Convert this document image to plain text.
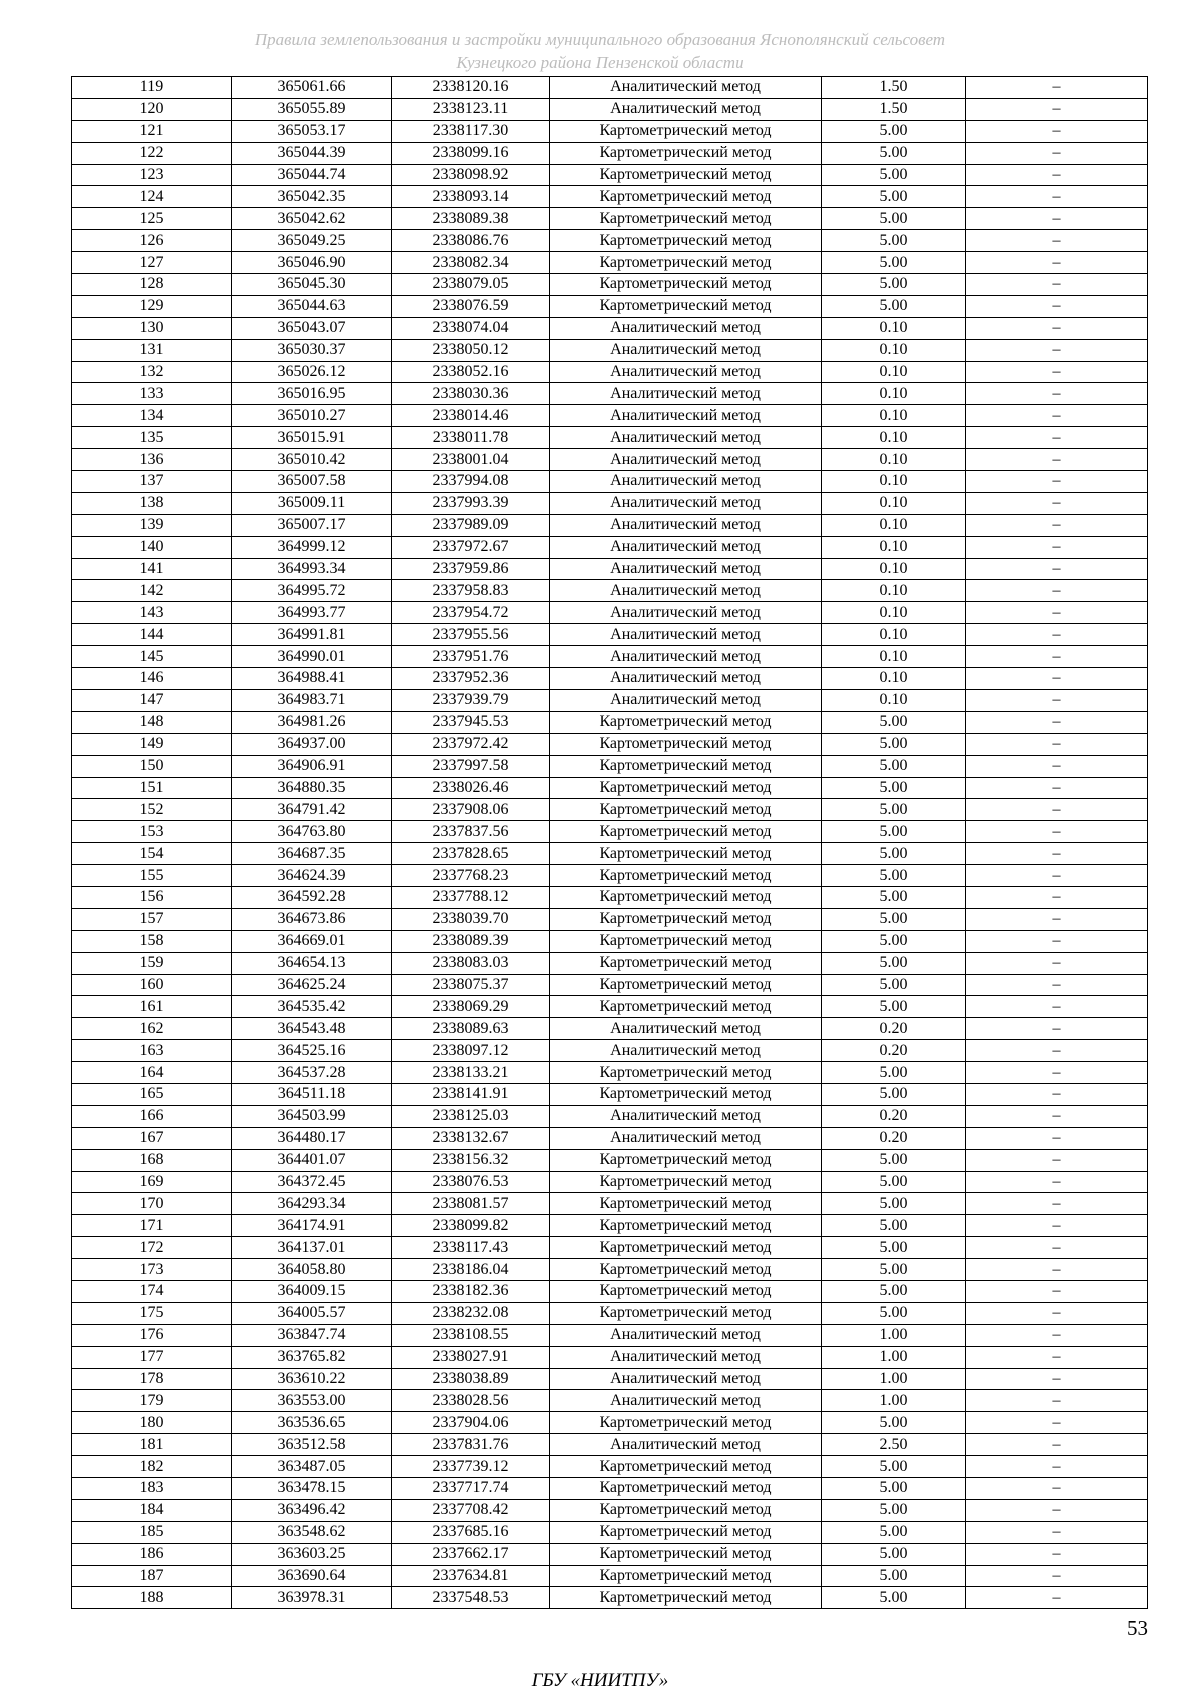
Правила землепользования и застройки муниципального образования Яснополянский сельсовет
Кузнецкого района Пензенской области
119	365061.66	2338120.16	Аналитический метод	1.50	–
120	365055.89	2338123.11	Аналитический метод	1.50	–
121	365053.17	2338117.30	Картометрический метод	5.00	–
122	365044.39	2338099.16	Картометрический метод	5.00	–
123	365044.74	2338098.92	Картометрический метод	5.00	–
124	365042.35	2338093.14	Картометрический метод	5.00	–
125	365042.62	2338089.38	Картометрический метод	5.00	–
126	365049.25	2338086.76	Картометрический метод	5.00	–
127	365046.90	2338082.34	Картометрический метод	5.00	–
128	365045.30	2338079.05	Картометрический метод	5.00	–
129	365044.63	2338076.59	Картометрический метод	5.00	–
130	365043.07	2338074.04	Аналитический метод	0.10	–
131	365030.37	2338050.12	Аналитический метод	0.10	–
132	365026.12	2338052.16	Аналитический метод	0.10	–
133	365016.95	2338030.36	Аналитический метод	0.10	–
134	365010.27	2338014.46	Аналитический метод	0.10	–
135	365015.91	2338011.78	Аналитический метод	0.10	–
136	365010.42	2338001.04	Аналитический метод	0.10	–
137	365007.58	2337994.08	Аналитический метод	0.10	–
138	365009.11	2337993.39	Аналитический метод	0.10	–
139	365007.17	2337989.09	Аналитический метод	0.10	–
140	364999.12	2337972.67	Аналитический метод	0.10	–
141	364993.34	2337959.86	Аналитический метод	0.10	–
142	364995.72	2337958.83	Аналитический метод	0.10	–
143	364993.77	2337954.72	Аналитический метод	0.10	–
144	364991.81	2337955.56	Аналитический метод	0.10	–
145	364990.01	2337951.76	Аналитический метод	0.10	–
146	364988.41	2337952.36	Аналитический метод	0.10	–
147	364983.71	2337939.79	Аналитический метод	0.10	–
148	364981.26	2337945.53	Картометрический метод	5.00	–
149	364937.00	2337972.42	Картометрический метод	5.00	–
150	364906.91	2337997.58	Картометрический метод	5.00	–
151	364880.35	2338026.46	Картометрический метод	5.00	–
152	364791.42	2337908.06	Картометрический метод	5.00	–
153	364763.80	2337837.56	Картометрический метод	5.00	–
154	364687.35	2337828.65	Картометрический метод	5.00	–
155	364624.39	2337768.23	Картометрический метод	5.00	–
156	364592.28	2337788.12	Картометрический метод	5.00	–
157	364673.86	2338039.70	Картометрический метод	5.00	–
158	364669.01	2338089.39	Картометрический метод	5.00	–
159	364654.13	2338083.03	Картометрический метод	5.00	–
160	364625.24	2338075.37	Картометрический метод	5.00	–
161	364535.42	2338069.29	Картометрический метод	5.00	–
162	364543.48	2338089.63	Аналитический метод	0.20	–
163	364525.16	2338097.12	Аналитический метод	0.20	–
164	364537.28	2338133.21	Картометрический метод	5.00	–
165	364511.18	2338141.91	Картометрический метод	5.00	–
166	364503.99	2338125.03	Аналитический метод	0.20	–
167	364480.17	2338132.67	Аналитический метод	0.20	–
168	364401.07	2338156.32	Картометрический метод	5.00	–
169	364372.45	2338076.53	Картометрический метод	5.00	–
170	364293.34	2338081.57	Картометрический метод	5.00	–
171	364174.91	2338099.82	Картометрический метод	5.00	–
172	364137.01	2338117.43	Картометрический метод	5.00	–
173	364058.80	2338186.04	Картометрический метод	5.00	–
174	364009.15	2338182.36	Картометрический метод	5.00	–
175	364005.57	2338232.08	Картометрический метод	5.00	–
176	363847.74	2338108.55	Аналитический метод	1.00	–
177	363765.82	2338027.91	Аналитический метод	1.00	–
178	363610.22	2338038.89	Аналитический метод	1.00	–
179	363553.00	2338028.56	Аналитический метод	1.00	–
180	363536.65	2337904.06	Картометрический метод	5.00	–
181	363512.58	2337831.76	Аналитический метод	2.50	–
182	363487.05	2337739.12	Картометрический метод	5.00	–
183	363478.15	2337717.74	Картометрический метод	5.00	–
184	363496.42	2337708.42	Картометрический метод	5.00	–
185	363548.62	2337685.16	Картометрический метод	5.00	–
186	363603.25	2337662.17	Картометрический метод	5.00	–
187	363690.64	2337634.81	Картометрический метод	5.00	–
188	363978.31	2337548.53	Картометрический метод	5.00	–
53
ГБУ «НИИТПУ»
